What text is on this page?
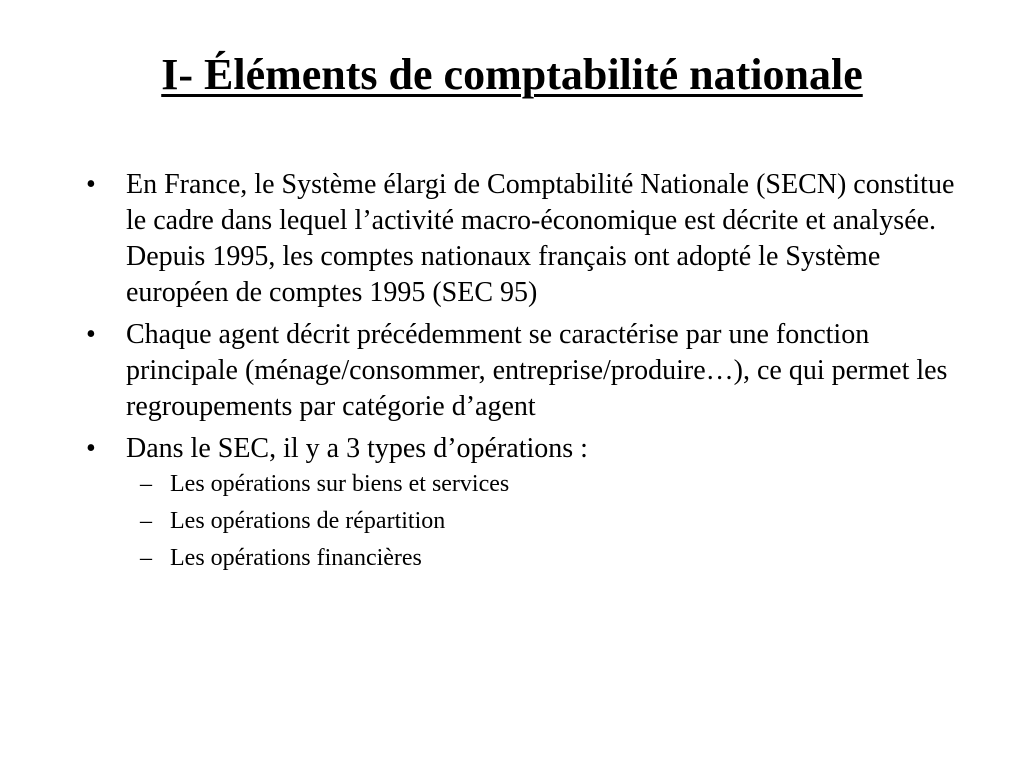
I- Éléments de comptabilité nationale
•	En France, le Système élargi de Comptabilité Nationale (SECN) constitue le cadre dans lequel l’activité macro-économique est décrite et analysée. Depuis 1995, les comptes nationaux français ont adopté le Système européen de comptes 1995 (SEC 95)
•	Chaque agent décrit précédemment se caractérise par une fonction principale (ménage/consommer, entreprise/produire…), ce qui permet les regroupements par catégorie d’agent
•	Dans le SEC, il y a 3 types d’opérations :
– Les opérations sur biens et services
– Les opérations de répartition
– Les opérations financières
